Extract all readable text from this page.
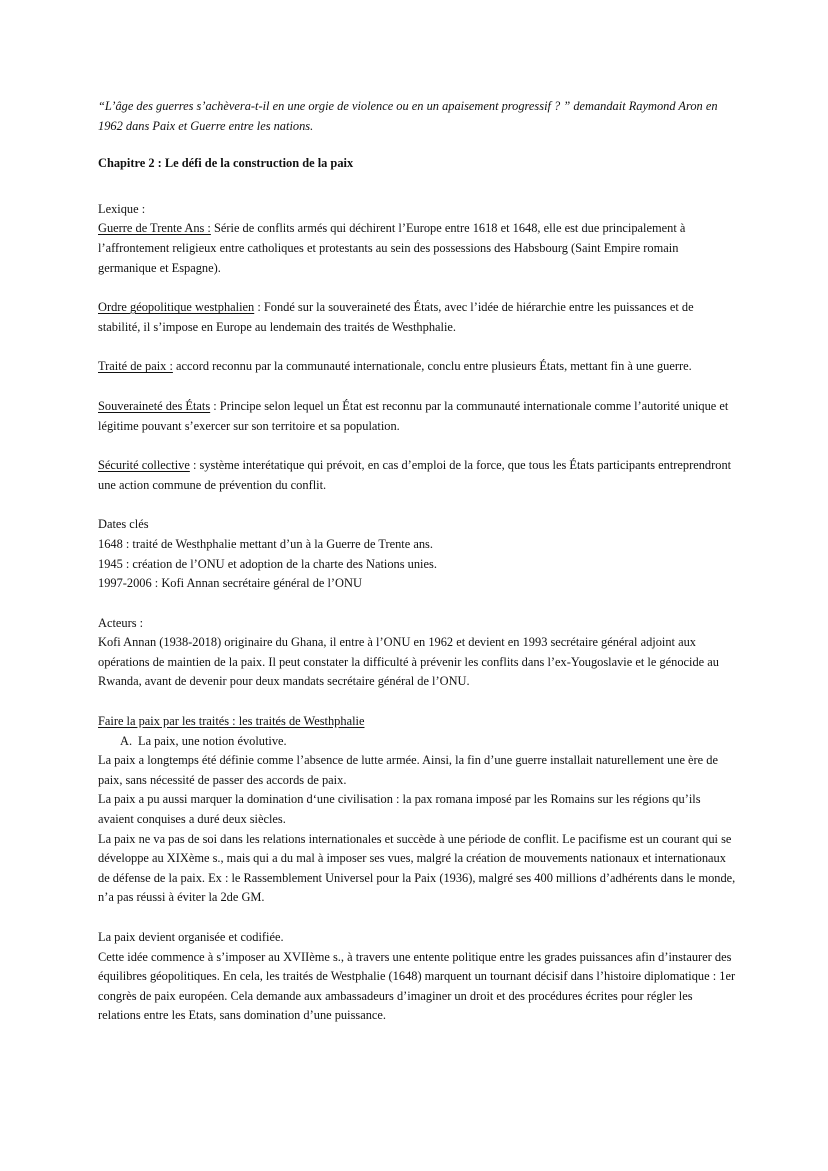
“L’âge des guerres s’achèvera-t-il en une orgie de violence ou en un apaisement progressif ? ” demandait Raymond Aron en 1962 dans Paix et Guerre entre les nations.

Chapitre 2 : Le défi de la construction de la paix

Lexique :

Guerre de Trente Ans : Série de conflits armés qui déchirent l’Europe entre 1618 et 1648, elle est due principalement à l’affrontement religieux entre catholiques et protestants au sein des possessions des Habsbourg (Saint Empire romain germanique et Espagne).

Ordre géopolitique westphalien : Fondé sur la souveraineté des États, avec l’idée de hiérarchie entre les puissances et de stabilité, il s’impose en Europe au lendemain des traités de Westhphalie.

Traité de paix : accord reconnu par la communauté internationale, conclu entre plusieurs États, mettant fin à une guerre.

Souveraineté des États : Principe selon lequel un État est reconnu par la communauté internationale comme l’autorité unique et légitime pouvant s’exercer sur son territoire et sa population.

Sécurité collective : système interétatique qui prévoit, en cas d’emploi de la force, que tous les États participants entreprendront une action commune de prévention du conflit.

Dates clés

1648 : traité de Westhphalie mettant d’un à la Guerre de Trente ans.

1945 : création de l’ONU et adoption de la charte des Nations unies.

1997-2006 : Kofi Annan secrétaire général de l’ONU

Acteurs :

Kofi Annan (1938-2018) originaire du Ghana, il entre à l’ONU en 1962 et devient en 1993 secrétaire général adjoint aux opérations de maintien de la paix. Il peut constater la difficulté à prévenir les conflits dans l’ex-Yougoslavie et le génocide au Rwanda, avant de devenir pour deux mandats secrétaire général de l’ONU.

Faire la paix par les traités : les traités de Westhphalie

A. La paix, une notion évolutive.

La paix a longtemps été définie comme l’absence de lutte armée. Ainsi, la fin d’une guerre installait naturellement une ère de paix, sans nécessité de passer des accords de paix.

La paix a pu aussi marquer la domination d‘une civilisation : la pax romana imposé par les Romains sur les régions qu’ils avaient conquises a duré deux siècles.

La paix ne va pas de soi dans les relations internationales et succède à une période de conflit. Le pacifisme est un courant qui se développe au XIXème s., mais qui a du mal à imposer ses vues, malgré la création de mouvements nationaux et internationaux de défense de la paix. Ex : le Rassemblement Universel pour la Paix (1936), malgré ses 400 millions d’adhérents dans le monde, n’a pas réussi à éviter la 2de GM.

La paix devient organisée et codifiée.

Cette idée commence à s’imposer au XVIIème s., à travers une entente politique entre les grades puissances afin d’instaurer des équilibres géopolitiques. En cela, les traités de Westphalie (1648) marquent un tournant décisif dans l’histoire diplomatique : 1er congrès de paix européen. Cela demande aux ambassadeurs d’imaginer un droit et des procédures écrites pour régler les relations entre les Etats, sans domination d’une puissance.
